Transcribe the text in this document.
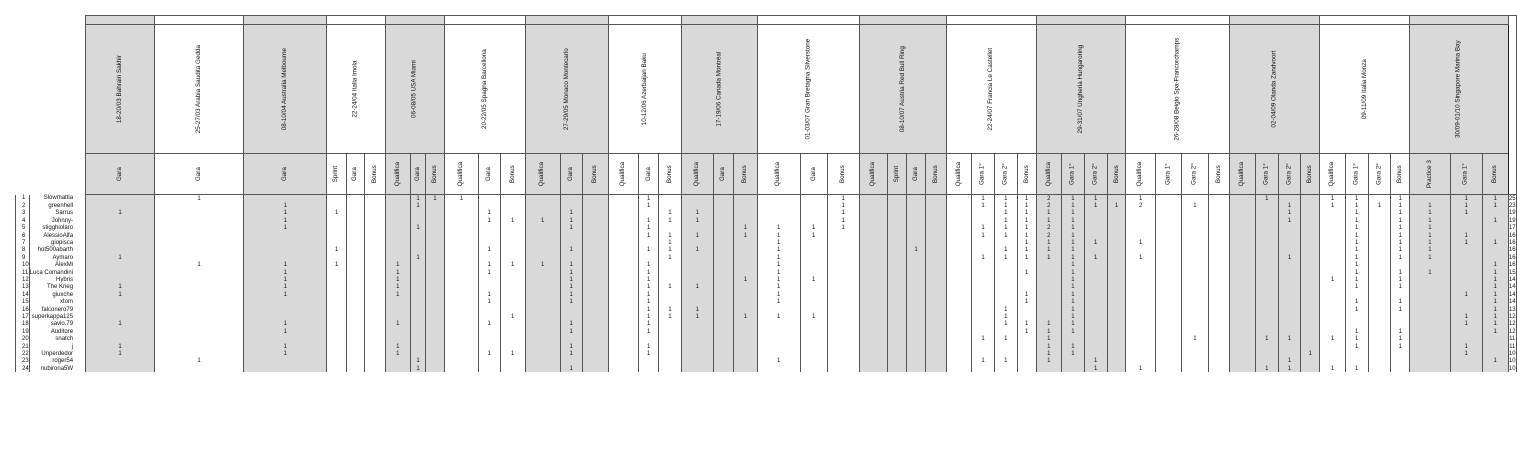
		18-20/03 Bahrain Sakhir	25-27/03 Arabia Saudita Gedda	08-10/04 Australia Melbourne	22-24/04 Italia Imola			06-08/05 USA Miami			20-22/05 Spagna Barcellona			27-29/05 Monaco Montecarlo			10-12/06 Azerbaijan Baku			17-19/06 Canada Montréal			01-03/07 Gran Bretagna Silverstone			08-10/07 Austria Red Bull Ring				22-24/07 Francia Le Castellet				29-31/07 Ungheria Hungaroring				26-28/08 Belgio Spa-Francorchamps				02-04/09 Olanda Zandvoort				09-11/09 Italia Monza				30/09-01/10 Singapore Marina Bay			
		Gara	Gara	Gara	Sprint	Gara	Bonus	Qualifica	Gara	Bonus	Qualifica	Gara	Bonus	Qualifica	Gara	Bonus	Qualifica	Gara	Bonus	Qualifica	Gara	Bonus	Qualifica	Gara	Bonus	Qualifica	Sprint	Gara	Bonus	Qualifica	Gara 1°	Gara 2°	Bonus	Qualifica	Gara 1°	Gara 2°	Bonus	Qualifica	Gara 1°	Gara 2°	Bonus	Qualifica	Gara 1°	Gara 2°	Bonus	Qualifica	Gara 1°	Gara 2°	Bonus	Practice 3	Gara 1°	Bonus	
1	Slowmattia		1						1	1	1							1							1						1	1	1	2	1	1		1					1			1	1		1		1	1	25
2	greenhell			1					1									1							1						1	1	1	2	1	1	1	2		1				1		1	1	1	1	1	1	1	23
3	Sarrus	1		1	1							1			1				1	1					1							1	1	1	1									1			1		1	1	1		19
4	Johnny-			1								1	1	1	1			1	1	1					1							1	1	1	1									1			1		1	1		1	19
5	stigghiolaro			1					1						1			1				1	1	1	1						1	1	1	2	1												1		1	1			17
6	AlessioAlfa																	1	1	1		1	1	1							1	1	1	2	1												1		1	1	1		16
7	giopisca																		1				1										1	1	1	1		1									1		1	1	1	1	16
8	hot500abarth				1							1			1			1	1	1			1					1				1	1	1	1												1		1	1			16
9	Aymaro	1							1										1				1								1	1	1	1	1	1		1						1			1		1	1			16
10	AlexMi		1	1	1			1				1	1	1	1			1					1												1												1					1	16
11	Luca Comandini			1				1				1			1			1					1										1		1												1		1	1		1	15
12	Hybris			1				1							1			1				1	1	1											1											1	1		1			1	14
13	The Krieg	1		1				1							1			1	1	1			1												1												1		1			1	14
14	giuxche	1		1				1				1			1			1					1										1		1																1	1	14
15	xtom											1			1			1					1										1		1												1		1			1	14
16	falconero79																	1	1	1												1			1												1		1			1	13
17	superkappa125												1					1	1	1		1	1	1								1			1																1	1	12
18	savio.79	1		1				1				1			1			1														1	1	1	1																1	1	12
19	Auditore			1											1			1															1	1	1												1		1			1	12
20	snatch																														1	1		1						1			1	1		1	1		1				11
21	j	1		1				1							1			1																1	1												1		1		1		11
22	Unperdedor	1		1				1				1	1		1			1																1	1										1						1		10
23	roger54		1						1														1								1	1		1		1								1								1	10
24	nubirona5W								1						1																					1		1					1	1		1	1						10
